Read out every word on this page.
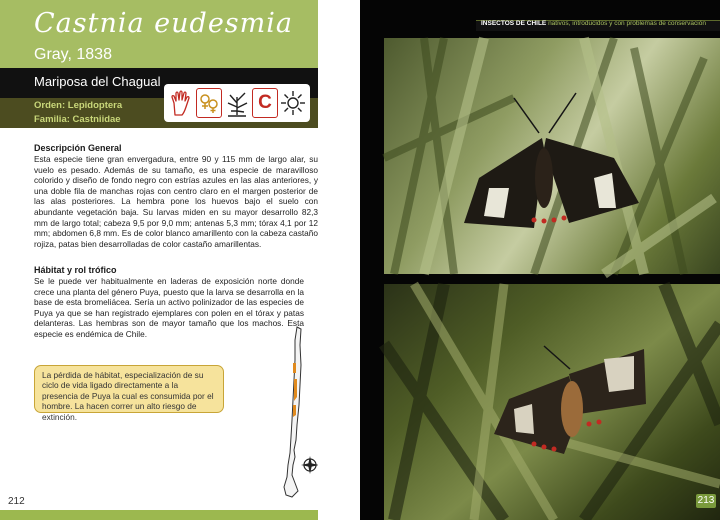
Castnia eudesmia
Gray, 1838
Mariposa del Chagual
Orden: Lepidoptera
Familia: Castniidae
C
Descripción General
Esta especie tiene gran envergadura, entre 90 y 115 mm de largo alar, su vuelo es pesado. Además de su tamaño, es una especie de maravilloso colorido y diseño de fondo negro con estrías azules en las alas anteriores, y una doble fila de manchas rojas con centro claro en el margen posterior de las alas posteriores. La hembra pone los huevos bajo el suelo con abundante vegetación baja. Su larvas miden en su mayor desarrollo 82,3 mm de largo total; cabeza 9,5 por 9,0 mm; antenas 5,3 mm; tórax 4,1 por 12 mm; abdomen 6,8 mm. Es de color blanco amarillento con la cabeza castaño rojiza, patas bien desarrolladas de color castaño amarillentas.
Hábitat y rol trófico
Se le puede ver habitualmente en laderas de exposición norte donde crece una planta del género Puya, puesto que la larva se desarrolla en la base de esta bromeliácea. Sería un activo polinizador de las especies de Puya ya que se han registrado ejemplares con polen en el tórax y patas delanteras. Las hembras son de mayor tamaño que los machos. Esta especie es endémica de Chile.
La pérdida de hábitat, especialización de su ciclo de vida ligado directamente a la presencia de Puya la cual es consumida por el hombre. La hacen correr un alto riesgo de extinción.
212
INSECTOS DE CHILE nativos, introducidos y con problemas de conservación
213
